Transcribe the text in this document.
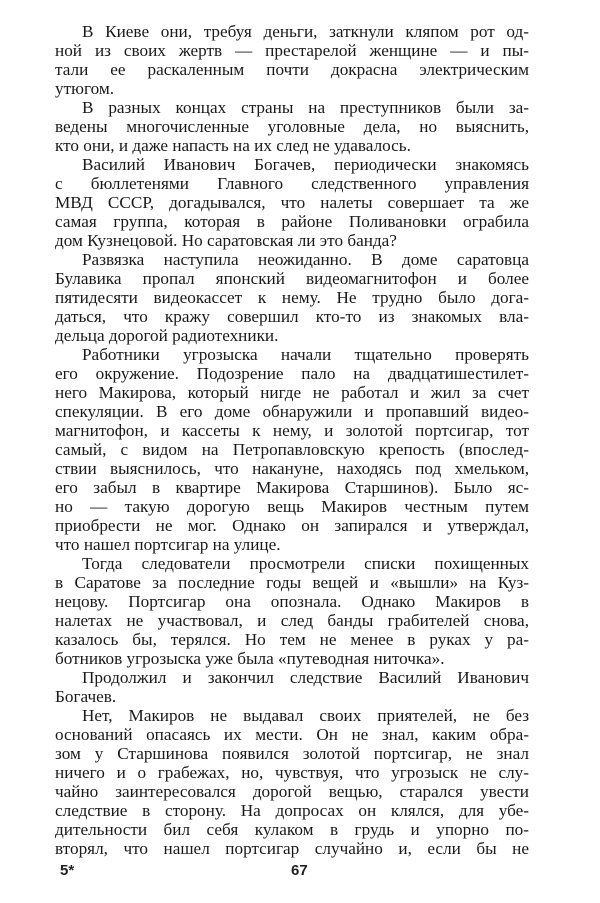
В Киеве они, требуя деньги, заткнули кляпом рот од-
ной из своих жертв — престарелой женщине — и пы-
тали ее раскаленным почти докрасна электрическим
утюгом.
В разных концах страны на преступников были за-
ведены многочисленные уголовные дела, но выяснить,
кто они, и даже напасть на их след не удавалось.
Василий Иванович Богачев, периодически знакомясь
с бюллетенями Главного следственного управления
МВД СССР, догадывался, что налеты совершает та же
самая группа, которая в районе Поливановки ограбила
дом Кузнецовой. Но саратовская ли это банда?
Развязка наступила неожиданно. В доме саратовца
Булавика пропал японский видеомагнитофон и более
пятидесяти видеокассет к нему. Не трудно было дога-
даться, что кражу совершил кто-то из знакомых вла-
дельца дорогой радиотехники.
Работники угрозыска начали тщательно проверять
его окружение. Подозрение пало на двадцатишестилет-
него Макирова, который нигде не работал и жил за счет
спекуляции. В его доме обнаружили и пропавший видео-
магнитофон, и кассеты к нему, и золотой портсигар, тот
самый, с видом на Петропавловскую крепость (впослед-
ствии выяснилось, что накануне, находясь под хмельком,
его забыл в квартире Макирова Старшинов). Было яс-
но — такую дорогую вещь Макиров честным путем
приобрести не мог. Однако он запирался и утверждал,
что нашел портсигар на улице.
Тогда следователи просмотрели списки похищенных
в Саратове за последние годы вещей и «вышли» на Куз-
нецову. Портсигар она опознала. Однако Макиров в
налетах не участвовал, и след банды грабителей снова,
казалось бы, терялся. Но тем не менее в руках у ра-
ботников угрозыска уже была «путеводная ниточка».
Продолжил и закончил следствие Василий Иванович
Богачев.
Нет, Макиров не выдавал своих приятелей, не без
оснований опасаясь их мести. Он не знал, каким обра-
зом у Старшинова появился золотой портсигар, не знал
ничего и о грабежах, но, чувствуя, что угрозыск не слу-
чайно заинтересовался дорогой вещью, старался увести
следствие в сторону. На допросах он клялся, для убе-
дительности бил себя кулаком в грудь и упорно по-
вторял, что нашел портсигар случайно и, если бы не
5*	67
